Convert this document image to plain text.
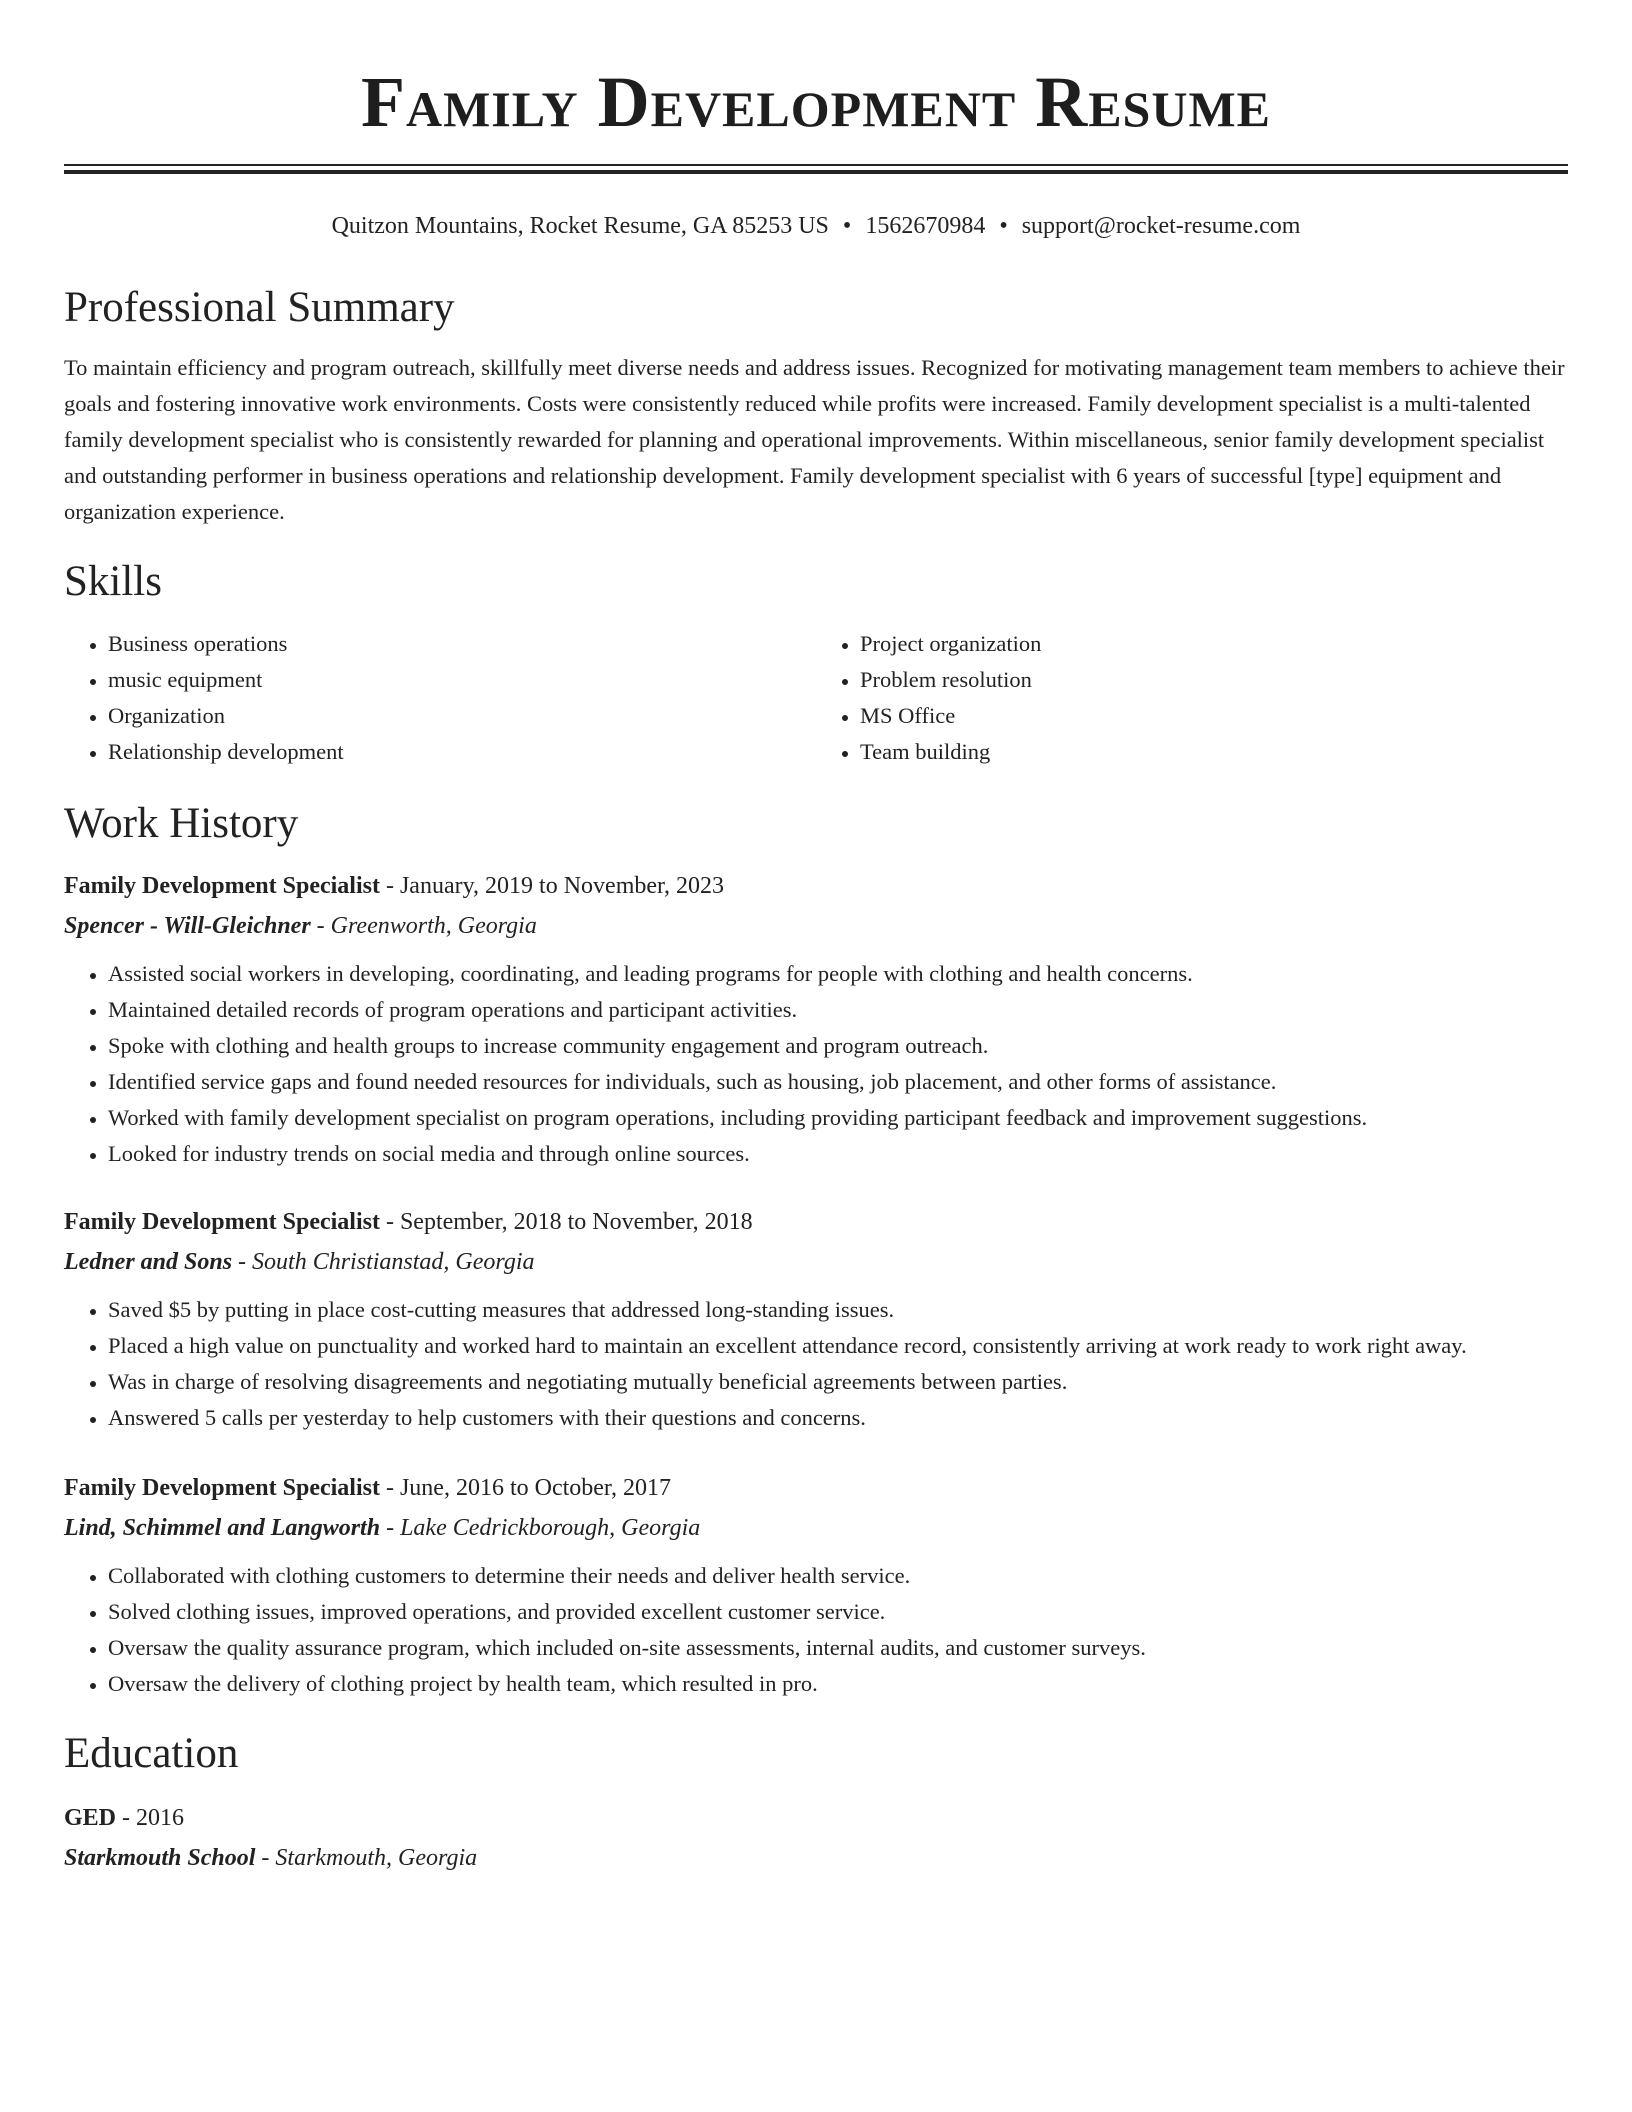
Family Development Resume
Quitzon Mountains, Rocket Resume, GA 85253 US • 1562670984 • support@rocket-resume.com
Professional Summary

To maintain efficiency and program outreach, skillfully meet diverse needs and address issues. Recognized for motivating management team members to achieve their goals and fostering innovative work environments. Costs were consistently reduced while profits were increased. Family development specialist is a multi-talented family development specialist who is consistently rewarded for planning and operational improvements. Within miscellaneous, senior family development specialist and outstanding performer in business operations and relationship development. Family development specialist with 6 years of successful [type] equipment and organization experience.

Skills
• Business operations
• music equipment
• Organization
• Relationship development
• Project organization
• Problem resolution
• MS Office
• Team building
Work History
Family Development Specialist - January, 2019 to November, 2023
Spencer - Will-Gleichner - Greenworth, Georgia
• Assisted social workers in developing, coordinating, and leading programs for people with clothing and health concerns.
• Maintained detailed records of program operations and participant activities.
• Spoke with clothing and health groups to increase community engagement and program outreach.
• Identified service gaps and found needed resources for individuals, such as housing, job placement, and other forms of assistance.
• Worked with family development specialist on program operations, including providing participant feedback and improvement suggestions.
• Looked for industry trends on social media and through online sources.
Family Development Specialist - September, 2018 to November, 2018
Ledner and Sons - South Christianstad, Georgia
• Saved $5 by putting in place cost-cutting measures that addressed long-standing issues.
• Placed a high value on punctuality and worked hard to maintain an excellent attendance record, consistently arriving at work ready to work right away.
• Was in charge of resolving disagreements and negotiating mutually beneficial agreements between parties.
• Answered 5 calls per yesterday to help customers with their questions and concerns.
Family Development Specialist - June, 2016 to October, 2017
Lind, Schimmel and Langworth - Lake Cedrickborough, Georgia
• Collaborated with clothing customers to determine their needs and deliver health service.
• Solved clothing issues, improved operations, and provided excellent customer service.
• Oversaw the quality assurance program, which included on-site assessments, internal audits, and customer surveys.
• Oversaw the delivery of clothing project by health team, which resulted in pro.
Education
GED - 2016
Starkmouth School - Starkmouth, Georgia
